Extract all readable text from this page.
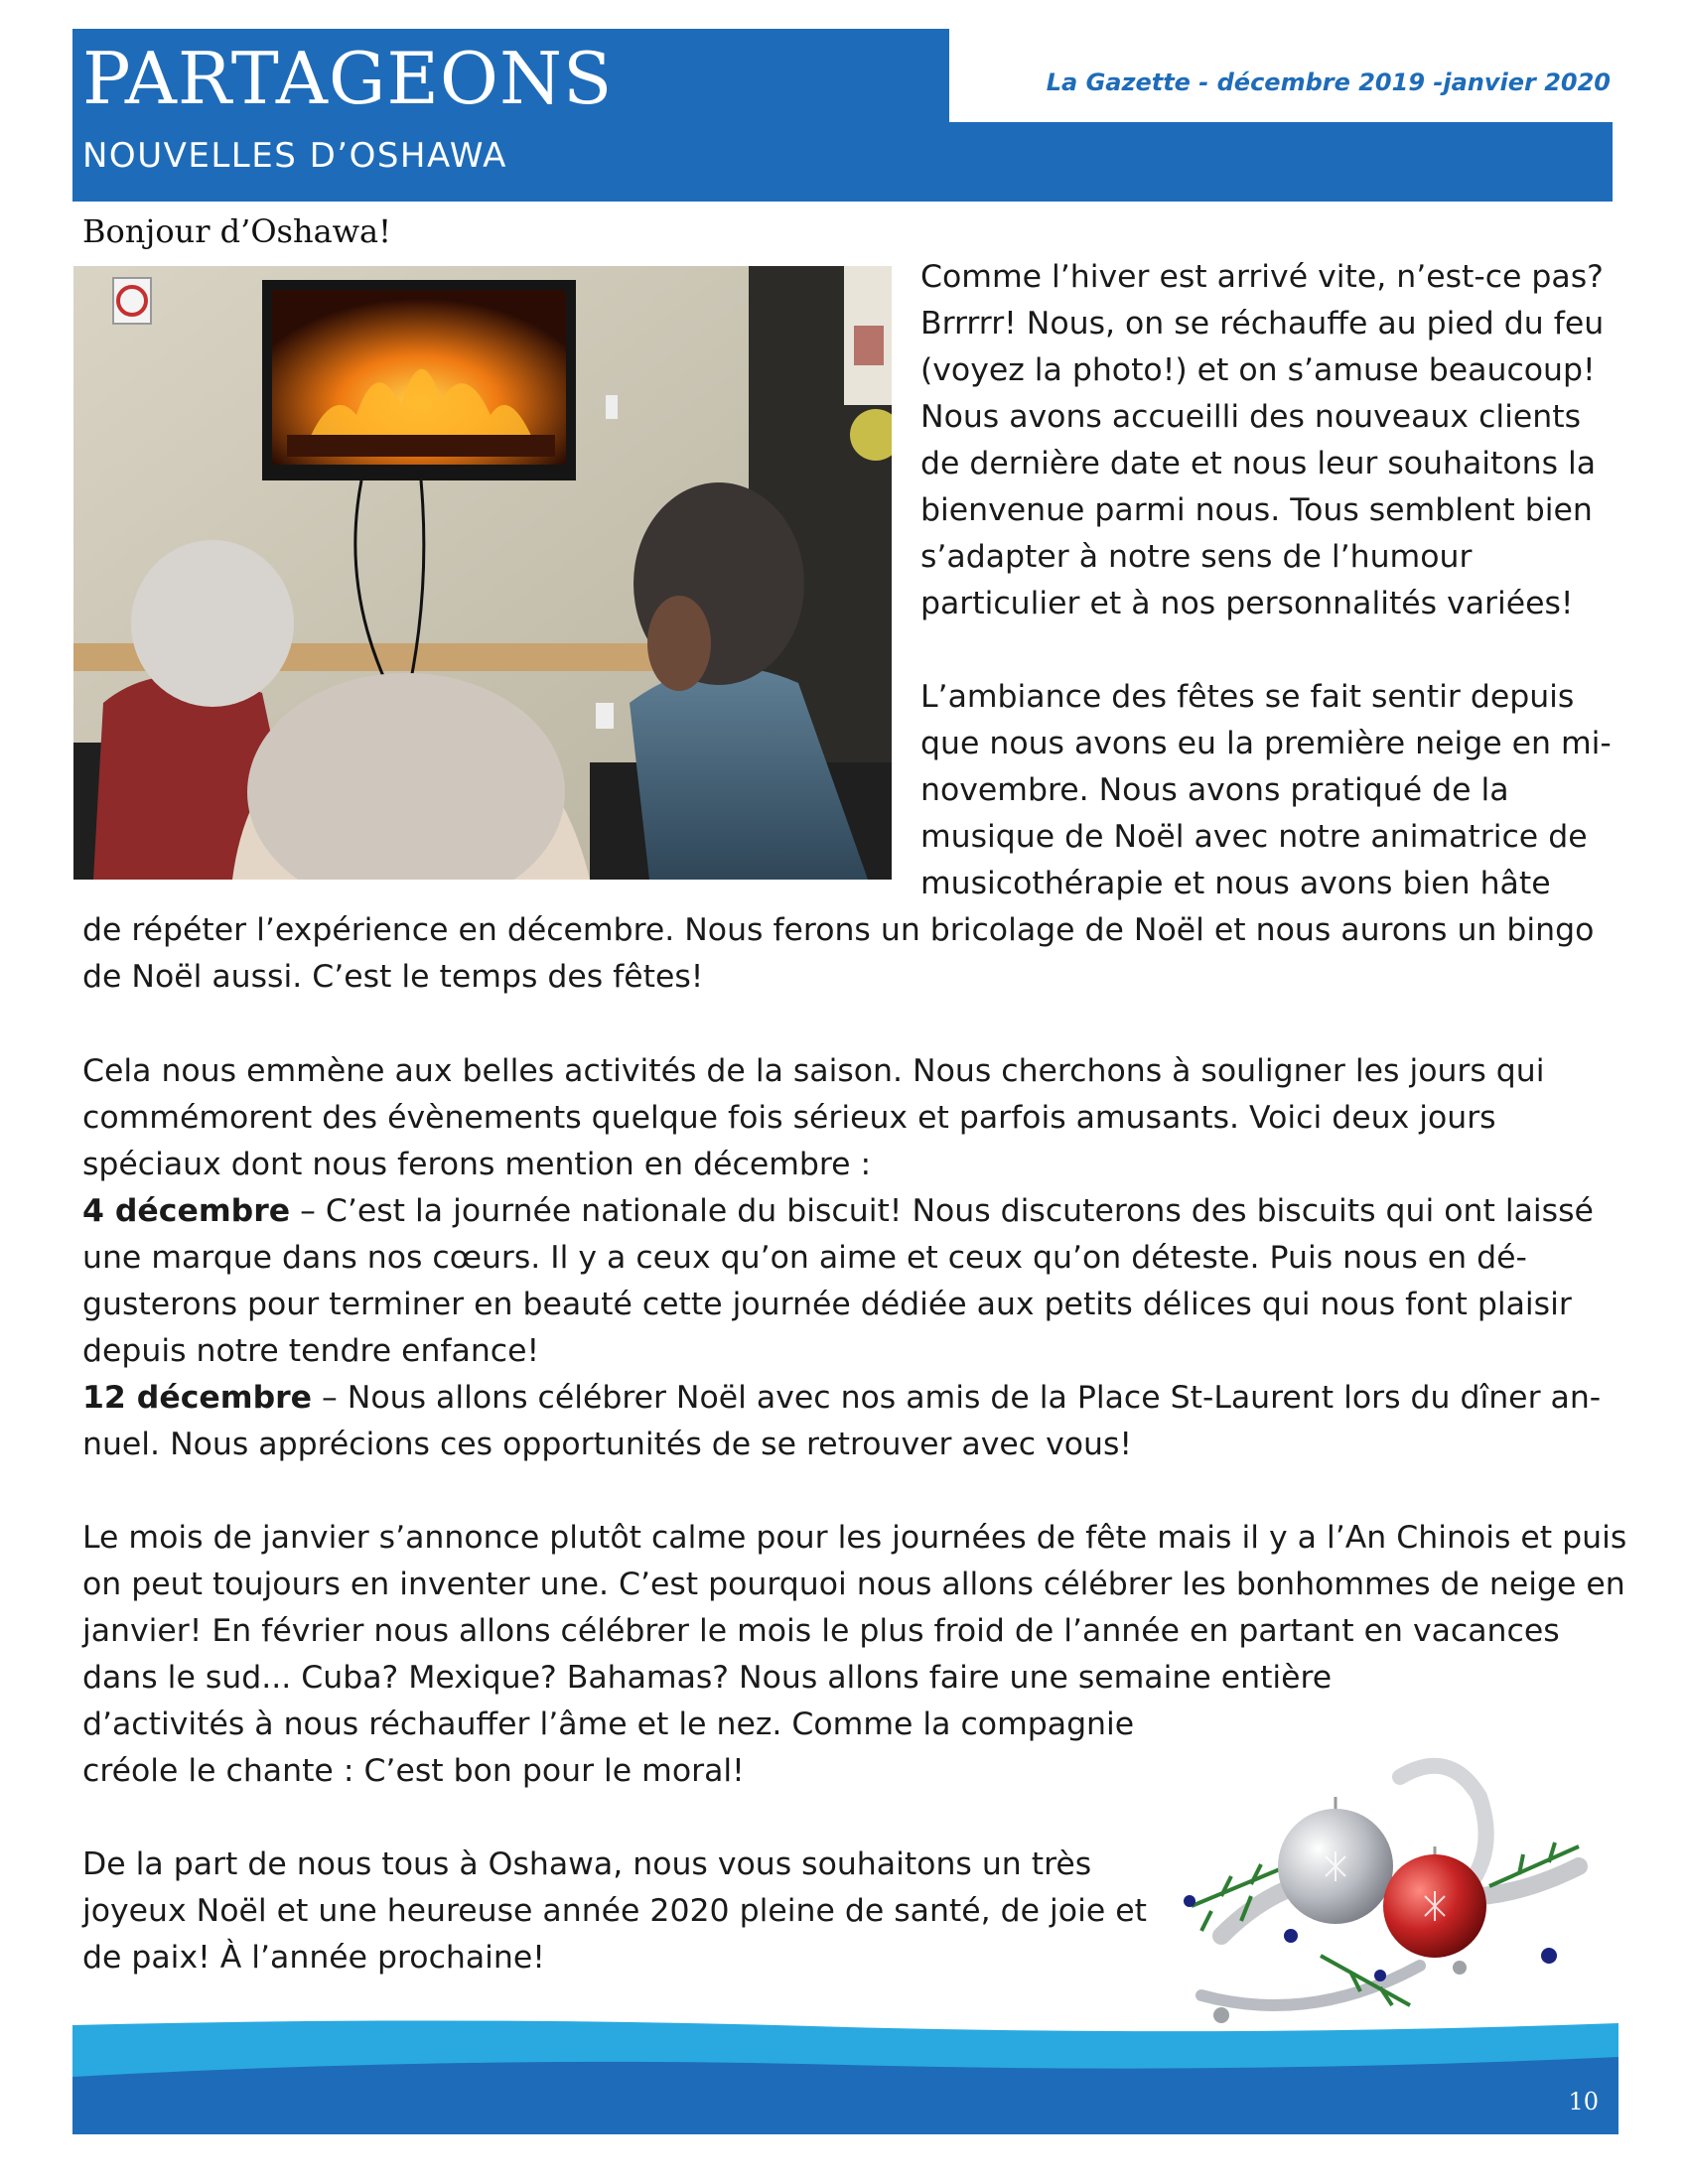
PARTAGEONS
NOUVELLES D’OSHAWA
La Gazette - décembre 2019 -janvier 2020
Bonjour d’Oshawa!

Comme l’hiver est arrivé vite, n’est-ce pas? Brrrrr! Nous, on se réchauffe au pied du feu (voyez la photo!) et on s’amuse beaucoup! Nous avons accueilli des nouveaux clients de dernière date et nous leur souhaitons la bienvenue parmi nous. Tous semblent bien s’adapter à notre sens de l’humour particulier et à nos personnalités variées!

L’ambiance des fêtes se fait sentir depuis que nous avons eu la première neige en mi-novembre. Nous avons pratiqué de la musique de Noël avec notre animatrice de musicothérapie et nous avons bien hâte

de répéter l’expérience en décembre. Nous ferons un bricolage de Noël et nous aurons un bingo de Noël aussi. C’est le temps des fêtes!

Cela nous emmène aux belles activités de la saison. Nous cherchons à souligner les jours qui commémorent des évènements quelque fois sérieux et parfois amusants. Voici deux jours spéciaux dont nous ferons mention en décembre :
4 décembre – C’est la journée nationale du biscuit! Nous discuterons des biscuits qui ont laissé une marque dans nos cœurs. Il y a ceux qu’on aime et ceux qu’on déteste. Puis nous en dé-gusterons pour terminer en beauté cette journée dédiée aux petits délices qui nous font plaisir depuis notre tendre enfance!
12 décembre – Nous allons célébrer Noël avec nos amis de la Place St-Laurent lors du dîner an-nuel. Nous apprécions ces opportunités de se retrouver avec vous!

Le mois de janvier s’annonce plutôt calme pour les journées de fête mais il y a l’An Chinois et puis on peut toujours en inventer une. C’est pourquoi nous allons célébrer les bonhommes de neige en janvier! En février nous allons célébrer le mois le plus froid de l’année en partant en vacances dans le sud... Cuba? Mexique? Bahamas? Nous allons faire une semaine entière

d’activités à nous réchauffer l’âme et le nez. Comme la compagnie créole le chante : C’est bon pour le moral!

De la part de nous tous à Oshawa, nous vous souhaitons un très joyeux Noël et une heureuse année 2020 pleine de santé, de joie et de paix! À l’année prochaine!

10
